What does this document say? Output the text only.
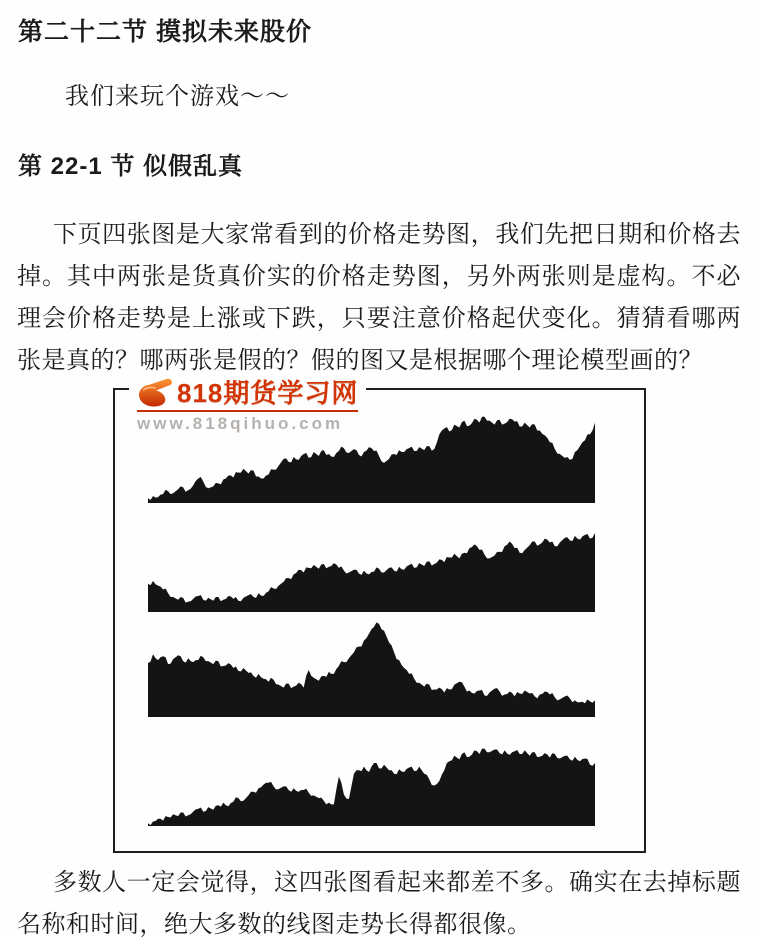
第二十二节 摸拟未来股价

我们来玩个游戏～～

第 22-1 节 似假乱真

下页四张图是大家常看到的价格走势图，我们先把日期和价格去掉。其中两张是货真价实的价格走势图，另外两张则是虚构。不必理会价格走势是上涨或下跌，只要注意价格起伏变化。猜猜看哪两张是真的？哪两张是假的？假的图又是根据哪个理论模型画的？

818期货学习网
www.818qihuo.com

多数人一定会觉得，这四张图看起来都差不多。确实在去掉标题名称和时间，绝大多数的线图走势长得都很像。
